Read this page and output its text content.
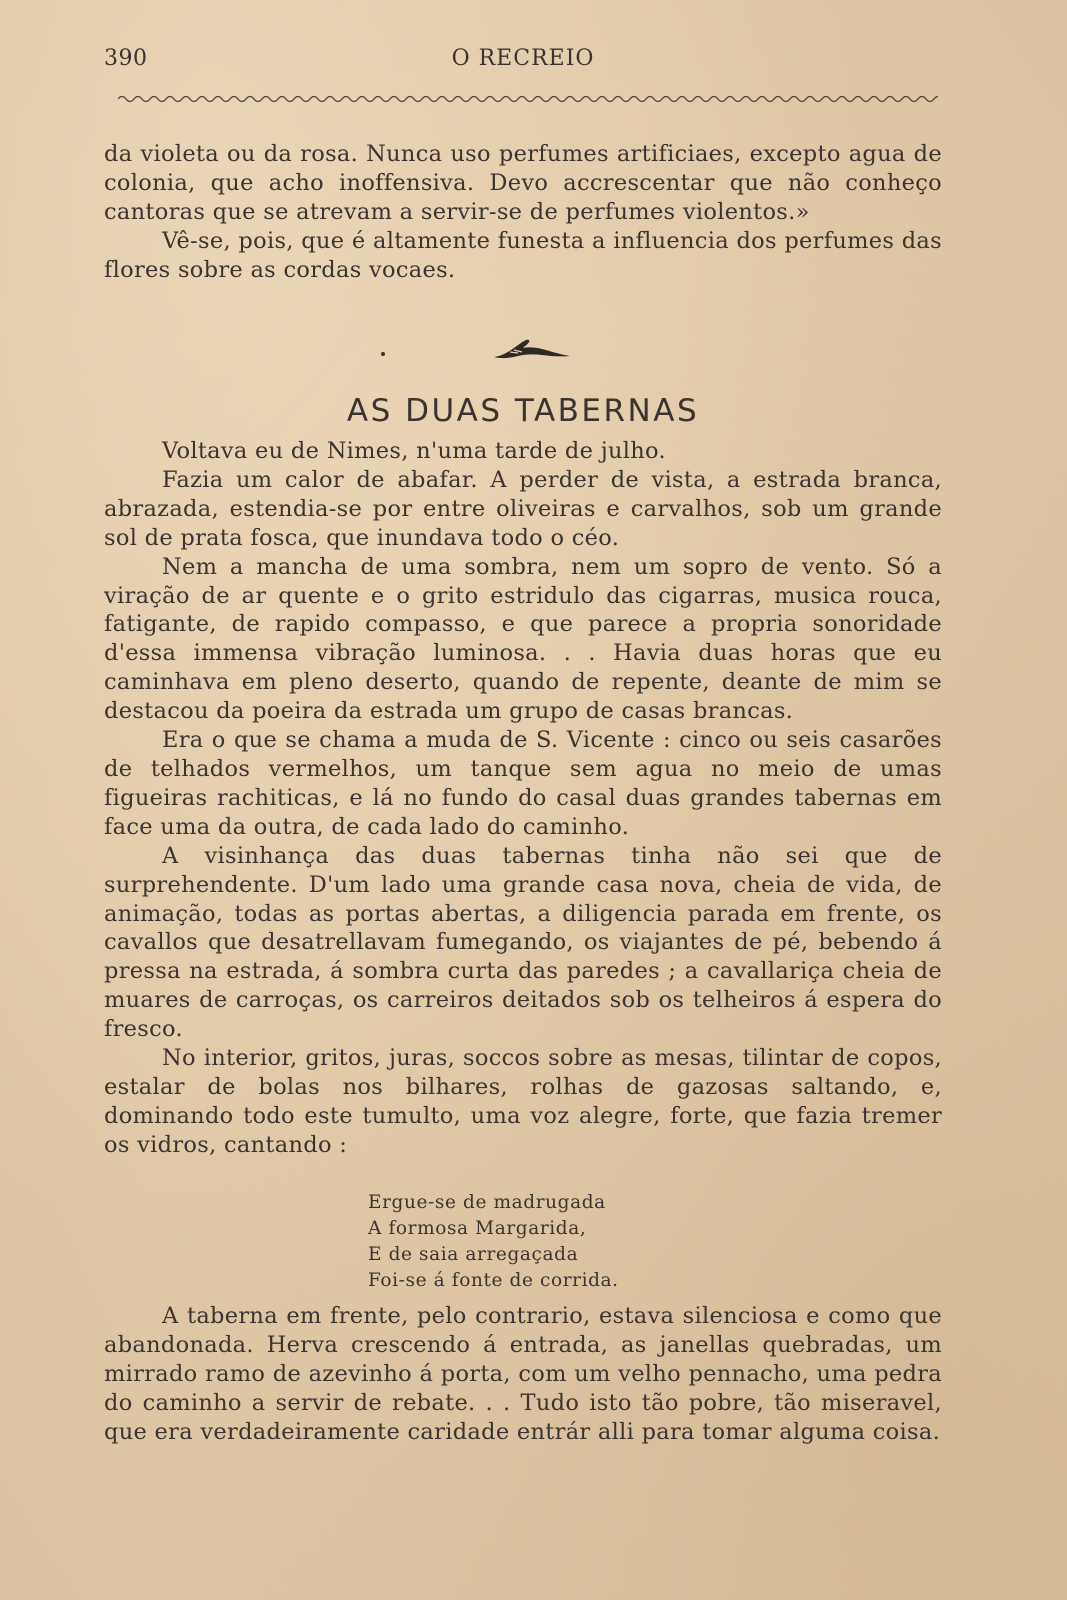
390	O RECREIO

da violeta ou da rosa. Nunca uso perfumes artificiaes, excepto agua de colonia, que acho inoffensiva. Devo accrescentar que não conheço cantoras que se atrevam a servir-se de perfumes violentos.»

Vê-se, pois, que é altamente funesta a influencia dos perfumes das flores sobre as cordas vocaes.

AS DUAS TABERNAS

Voltava eu de Nimes, n'uma tarde de julho.

Fazia um calor de abafar. A perder de vista, a estrada branca, abrazada, estendia-se por entre oliveiras e carvalhos, sob um grande sol de prata fosca, que inundava todo o céo.

Nem a mancha de uma sombra, nem um sopro de vento. Só a viração de ar quente e o grito estridulo das cigarras, musica rouca, fatigante, de rapido compasso, e que parece a propria sonoridade d'essa immensa vibração luminosa. . . Havia duas horas que eu caminhava em pleno deserto, quando de repente, deante de mim se destacou da poeira da estrada um grupo de casas brancas.

Era o que se chama a muda de S. Vicente : cinco ou seis casarões de telhados vermelhos, um tanque sem agua no meio de umas figueiras rachiticas, e lá no fundo do casal duas grandes tabernas em face uma da outra, de cada lado do caminho.

A visinhança das duas tabernas tinha não sei que de surprehendente. D'um lado uma grande casa nova, cheia de vida, de animação, todas as portas abertas, a diligencia parada em frente, os cavallos que desatrellavam fumegando, os viajantes de pé, bebendo á pressa na estrada, á sombra curta das paredes ; a cavallariça cheia de muares de carroças, os carreiros deitados sob os telheiros á espera do fresco.

No interior, gritos, juras, soccos sobre as mesas, tilintar de copos, estalar de bolas nos bilhares, rolhas de gazosas saltando, e, dominando todo este tumulto, uma voz alegre, forte, que fazia tremer os vidros, cantando :

Ergue-se de madrugada
A formosa Margarida,
E de saia arregaçada
Foi-se á fonte de corrida.

A taberna em frente, pelo contrario, estava silenciosa e como que abandonada. Herva crescendo á entrada, as janellas quebradas, um mirrado ramo de azevinho á porta, com um velho pennacho, uma pedra do caminho a servir de rebate. . . Tudo isto tão pobre, tão miseravel, que era verdadeiramente caridade entrár alli para tomar alguma coisa.
